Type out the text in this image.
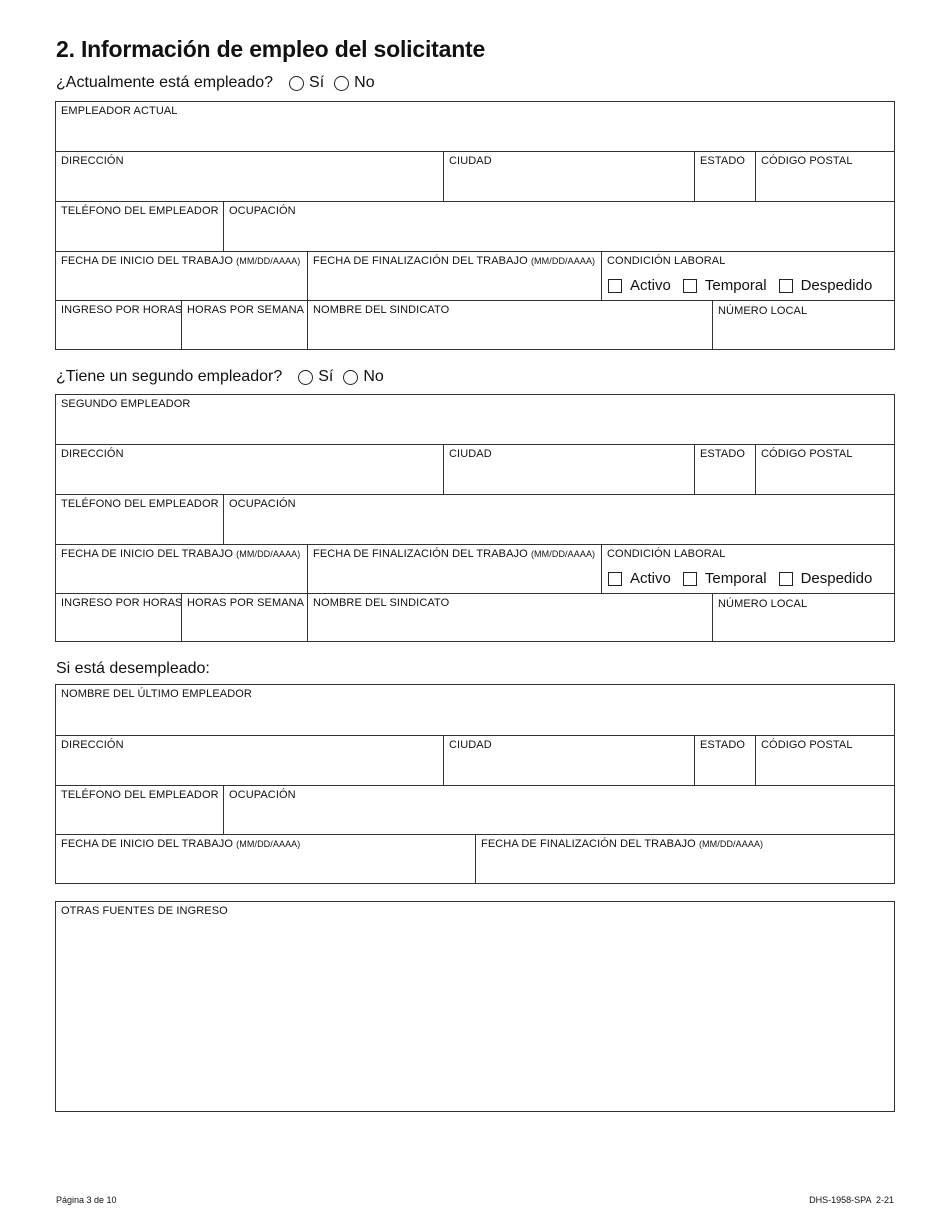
2. Información de empleo del solicitante
¿Actualmente está empleado? Sí No
EMPLEADOR ACTUAL
DIRECCIÓN	CIUDAD	ESTADO CÓDIGO POSTAL
TELÉFONO DEL EMPLEADOR OCUPACIÓN
FECHA DE INICIO DEL TRABAJO (MM/DD/AAAA) FECHA DE FINALIZACIÓN DEL TRABAJO (MM/DD/AAAA) CONDICIÓN LABORAL
Activo Temporal Despedido
INGRESO POR HORAS HORAS POR SEMANA NOMBRE DEL SINDICATO	NÚMERO LOCAL
¿Tiene un segundo empleador? Sí No
SEGUNDO EMPLEADOR
DIRECCIÓN	CIUDAD	ESTADO CÓDIGO POSTAL
TELÉFONO DEL EMPLEADOR OCUPACIÓN
FECHA DE INICIO DEL TRABAJO (MM/DD/AAAA) FECHA DE FINALIZACIÓN DEL TRABAJO (MM/DD/AAAA) CONDICIÓN LABORAL
Activo Temporal Despedido
INGRESO POR HORAS HORAS POR SEMANA NOMBRE DEL SINDICATO	NÚMERO LOCAL
Si está desempleado:
NOMBRE DEL ÚLTIMO EMPLEADOR
DIRECCIÓN	CIUDAD	ESTADO CÓDIGO POSTAL
TELÉFONO DEL EMPLEADOR OCUPACIÓN
FECHA DE INICIO DEL TRABAJO (MM/DD/AAAA)	FECHA DE FINALIZACIÓN DEL TRABAJO (MM/DD/AAAA)
OTRAS FUENTES DE INGRESO
Página 3 de 10	DHS-1958-SPA  2-21
